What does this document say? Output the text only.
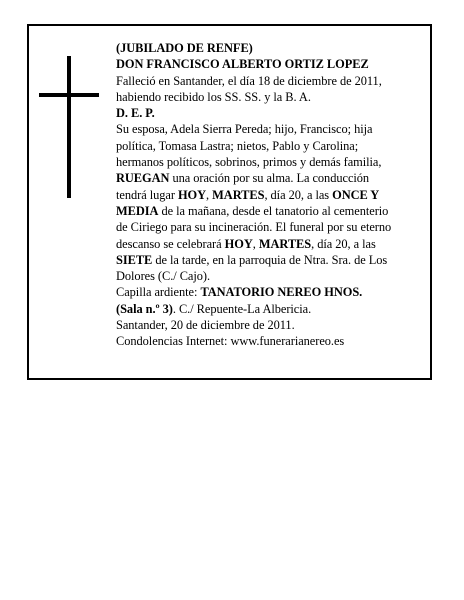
(JUBILADO DE RENFE)
DON FRANCISCO ALBERTO ORTIZ LOPEZ
Falleció en Santander, el día 18 de diciembre de 2011,
habiendo recibido los SS. SS. y la B. A.
D. E. P.
Su esposa, Adela Sierra Pereda; hijo, Francisco; hija
política, Tomasa Lastra; nietos, Pablo y Carolina;
hermanos políticos, sobrinos, primos y demás familia,
RUEGAN una oración por su alma. La conducción
tendrá lugar HOY, MARTES, día 20, a las ONCE Y
MEDIA de la mañana, desde el tanatorio al cementerio
de Ciriego para su incineración. El funeral por su eterno
descanso se celebrará HOY, MARTES, día 20, a las
SIETE de la tarde, en la parroquia de Ntra. Sra. de Los
Dolores (C./ Cajo).
Capilla ardiente: TANATORIO NEREO HNOS.
(Sala n.º 3). C./ Repuente-La Albericia.
Santander, 20 de diciembre de 2011.
Condolencias Internet: www.funerarianereo.es
